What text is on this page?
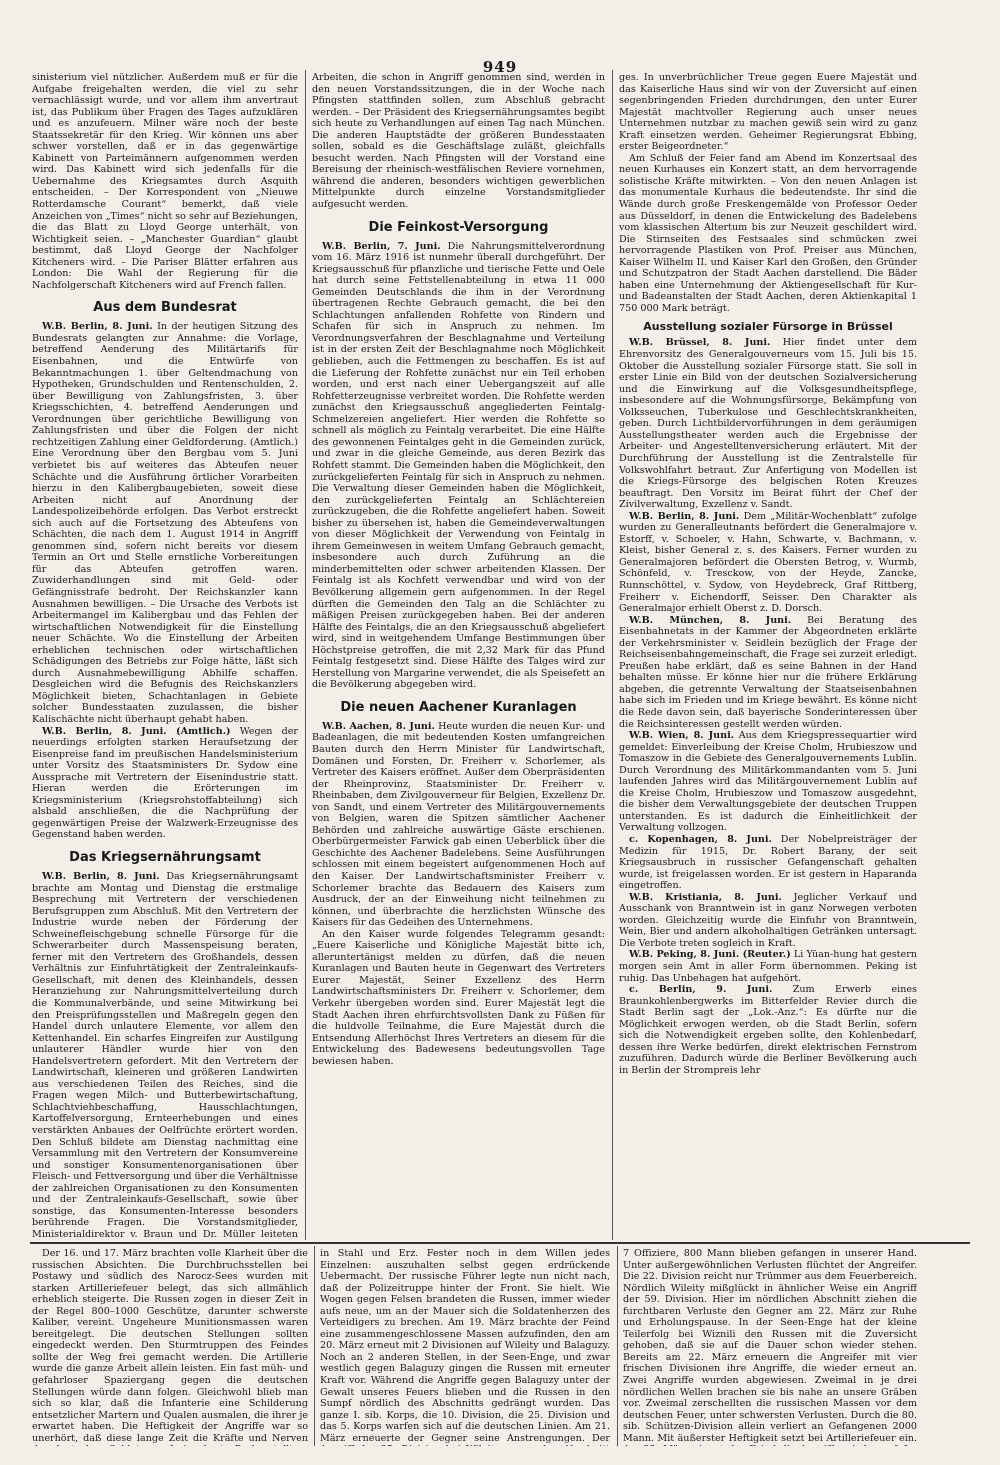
949

sinisterium viel nützlicher. Außerdem muß er für die Aufgabe freigehalten werden, die viel zu sehr vernachlässigt wurde, und vor allem ihm anvertraut ist, das Publikum über Fragen des Tages aufzuklären und es anzufeuern. Milner wäre noch der beste Staatssekretär für den Krieg. Wir können uns aber schwer vorstellen, daß er in das gegenwärtige Kabinett von Parteimännern aufgenommen werden wird. Das Kabinett wird sich jedenfalls für die Uebernahme des Kriegsamtes durch Asquith entscheiden. – Der Korrespondent von „Nieuwe Rotterdamsche Courant“ bemerkt, daß viele Anzeichen von „Times“ nicht so sehr auf Beziehungen, die das Blatt zu Lloyd George unterhält, von Wichtigkeit seien. – „Manchester Guardian“ glaubt bestimmt, daß Lloyd George der Nachfolger Kitcheners wird. – Die Pariser Blätter erfahren aus London: Die Wahl der Regierung für die Nachfolgerschaft Kitcheners wird auf French fallen.

Aus dem Bundesrat

W.B. Berlin, 8. Juni. In der heutigen Sitzung des Bundesrats gelangten zur Annahme: die Vorlage, betreffend Aenderung des Militärtarifs für Eisenbahnen, und die Entwürfe von Bekanntmachungen 1. über Geltendmachung von Hypotheken, Grundschulden und Rentenschulden, 2. über Bewilligung von Zahlungsfristen, 3. über Kriegsschichten, 4. betreffend Aenderungen und Verordnungen über gerichtliche Bewilligung von Zahlungsfristen und über die Folgen der nicht rechtzeitigen Zahlung einer Geldforderung. (Amtlich.) Eine Verordnung über den Bergbau vom 5. Juni verbietet bis auf weiteres das Abteufen neuer Schächte und die Ausführung örtlicher Vorarbeiten hierzu in den Kalibergbaugebieten, soweit diese Arbeiten nicht auf Anordnung der Landespolizeibehörde erfolgen. Das Verbot erstreckt sich auch auf die Fortsetzung des Abteufens von Schächten, die nach dem 1. August 1914 in Angriff genommen sind, sofern nicht bereits vor diesem Termin an Ort und Stelle ernstliche Vorbereitungen für das Abteufen getroffen waren. Zuwiderhandlungen sind mit Geld- oder Gefängnisstrafe bedroht. Der Reichskanzler kann Ausnahmen bewilligen. – Die Ursache des Verbots ist Arbeitermangel im Kalibergbau und das Fehlen der wirtschaftlichen Notwendigkeit für die Einstellung neuer Schächte. Wo die Einstellung der Arbeiten erheblichen technischen oder wirtschaftlichen Schädigungen des Betriebs zur Folge hätte, läßt sich durch Ausnahmebewilligung Abhilfe schaffen. Desgleichen wird die Befugnis des Reichskanzlers Möglichkeit bieten, Schachtanlagen in Gebiete solcher Bundesstaaten zuzulassen, die bisher Kalischächte nicht überhaupt gehabt haben.

W.B. Berlin, 8. Juni. (Amtlich.) Wegen der neuerdings erfolgten starken Heraufsetzung der Eisenpreise fand im preußischen Handelsministerium unter Vorsitz des Staatsministers Dr. Sydow eine Aussprache mit Vertretern der Eisenindustrie statt. Hieran werden die Erörterungen im Kriegsministerium (Kriegsrohstoffabteilung) sich alsbald anschließen, die die Nachprüfung der gegenwärtigen Preise der Walzwerk-Erzeugnisse des Gegenstand haben werden.

Das Kriegsernährungsamt

W.B. Berlin, 8. Juni. Das Kriegsernährungsamt brachte am Montag und Dienstag die erstmalige Besprechung mit Vertretern der verschiedenen Berufsgruppen zum Abschluß. Mit den Vertretern der Industrie wurde neben der Förderung der Schweinefleischgebung schnelle Fürsorge für die Schwerarbeiter durch Massenspeisung beraten, ferner mit den Vertretern des Großhandels, dessen Verhältnis zur Einfuhrtätigkeit der Zentraleinkaufs-Gesellschaft, mit denen des Kleinhandels, dessen Heranziehung zur Nahrungsmittelverteilung durch die Kommunalverbände, und seine Mitwirkung bei den Preisprüfungsstellen und Maßregeln gegen den Handel durch unlautere Elemente, vor allem den Kettenhandel. Ein scharfes Eingreifen zur Austilgung unlauterer Händler wurde hier von den Handelsvertretern gefordert. Mit den Vertretern der Landwirtschaft, kleineren und größeren Landwirten aus verschiedenen Teilen des Reiches, sind die Fragen wegen Milch- und Butterbewirtschaftung, Schlachtviehbeschaffung, Hausschlachtungen, Kartoffelversorgung, Ernteerhebungen und eines verstärkten Anbaues der Oelfrüchte erörtert worden. Den Schluß bildete am Dienstag nachmittag eine Versammlung mit den Vertretern der Konsumvereine und sonstiger Konsumentenorganisationen über Fleisch- und Fettversorgung und über die Verhältnisse der zahlreichen Organisationen zu den Konsumenten und der Zentraleinkaufs-Gesellschaft, sowie über sonstige, das Konsumenten-Interesse besonders berührende Fragen. Die Vorstandsmitglieder, Ministerialdirektor v. Braun und Dr. Müller leiteten

Arbeiten, die schon in Angriff genommen sind, werden in den neuen Vorstandssitzungen, die in der Woche nach Pfingsten stattfinden sollen, zum Abschluß gebracht werden. – Der Präsident des Kriegsernährungsamtes begibt sich heute zu Verhandlungen auf einen Tag nach München. Die anderen Hauptstädte der größeren Bundesstaaten sollen, sobald es die Geschäftslage zuläßt, gleichfalls besucht werden. Nach Pfingsten will der Vorstand eine Bereisung der rheinisch-westfälischen Reviere vornehmen, während die anderen, besonders wichtigen gewerblichen Mittelpunkte durch einzelne Vorstandsmitglieder aufgesucht werden.

Die Feinkost-Versorgung

W.B. Berlin, 7. Juni. Die Nahrungsmittelverordnung vom 16. März 1916 ist nunmehr überall durchgeführt. Der Kriegsausschuß für pflanzliche und tierische Fette und Oele hat durch seine Fettstellenabteilung in etwa 11 000 Gemeinden Deutschlands die ihm in der Verordnung übertragenen Rechte Gebrauch gemacht, die bei den Schlachtungen anfallenden Rohfette von Rindern und Schafen für sich in Anspruch zu nehmen. Im Verordnungsverfahren der Beschlagnahme und Verteilung ist in der ersten Zeit der Beschlagnahme noch Möglichkeit geblieben, auch die Fettmengen zu beschaffen. Es ist auf die Lieferung der Rohfette zunächst nur ein Teil erhoben worden, und erst nach einer Uebergangszeit auf alle Rohfetterzeugnisse verbreitet worden. Die Rohfette werden zunächst den Kriegsausschuß angegliederten Feintalg-Schmelzereien angeliefert. Hier werden die Rohfette so schnell als möglich zu Feintalg verarbeitet. Die eine Hälfte des gewonnenen Feintalges geht in die Gemeinden zurück, und zwar in die gleiche Gemeinde, aus deren Bezirk das Rohfett stammt. Die Gemeinden haben die Möglichkeit, den zurückgelieferten Feintalg für sich in Anspruch zu nehmen. Die Verwaltung dieser Gemeinden haben die Möglichkeit, den zurückgelieferten Feintalg an Schlächtereien zurückzugeben, die die Rohfette angeliefert haben. Soweit bisher zu übersehen ist, haben die Gemeindeverwaltungen von dieser Möglichkeit der Verwendung von Feintalg in ihrem Gemeinwesen in weitem Umfang Gebrauch gemacht, insbesondere auch durch Zuführung an die minderbemittelten oder schwer arbeitenden Klassen. Der Feintalg ist als Kochfett verwendbar und wird von der Bevölkerung allgemein gern aufgenommen. In der Regel dürften die Gemeinden den Talg an die Schlächter zu mäßigen Preisen zurückgegeben haben. Bei der anderen Hälfte des Feintalgs, die an den Kriegsausschuß abgeliefert wird, sind in weitgehendem Umfange Bestimmungen über Höchstpreise getroffen, die mit 2,32 Mark für das Pfund Feintalg festgesetzt sind. Diese Hälfte des Talges wird zur Herstellung von Margarine verwendet, die als Speisefett an die Bevölkerung abgegeben wird.

Die neuen Aachener Kuranlagen

W.B. Aachen, 8. Juni. Heute wurden die neuen Kur- und Badeanlagen, die mit bedeutenden Kosten umfangreichen Bauten durch den Herrn Minister für Landwirtschaft, Domänen und Forsten, Dr. Freiherr v. Schorlemer, als Vertreter des Kaisers eröffnet. Außer dem Oberpräsidenten der Rheinprovinz, Staatsminister Dr. Freiherr v. Rheinbaben, dem Zivilgouverneur für Belgien, Exzellenz Dr. von Sandt, und einem Vertreter des Militärgouvernements von Belgien, waren die Spitzen sämtlicher Aachener Behörden und zahlreiche auswärtige Gäste erschienen. Oberbürgermeister Farwick gab einen Ueberblick über die Geschichte des Aachener Badelebens. Seine Ausführungen schlossen mit einem begeistert aufgenommenen Hoch auf den Kaiser. Der Landwirtschaftsminister Freiherr v. Schorlemer brachte das Bedauern des Kaisers zum Ausdruck, der an der Einweihung nicht teilnehmen zu können, und überbrachte die herzlichsten Wünsche des Kaisers für das Gedeihen des Unternehmens.

An den Kaiser wurde folgendes Telegramm gesandt: „Euere Kaiserliche und Königliche Majestät bitte ich, alleruntertänigst melden zu dürfen, daß die neuen Kuranlagen und Bauten heute in Gegenwart des Vertreters Eurer Majestät, Seiner Exzellenz des Herrn Landwirtschaftsministers Dr. Freiherr v. Schorlemer, dem Verkehr übergeben worden sind. Eurer Majestät legt die Stadt Aachen ihren ehrfurchtsvollsten Dank zu Füßen für die huldvolle Teilnahme, die Eure Majestät durch die Entsendung Allerhöchst Ihres Vertreters an diesem für die Entwickelung des Badewesens bedeutungsvollen Tage bewiesen haben.

ges. In unverbrüchlicher Treue gegen Euere Majestät und das Kaiserliche Haus sind wir von der Zuversicht auf einen segenbringenden Frieden durchdrungen, den unter Eurer Majestät machtvoller Regierung auch unser neues Unternehmen nutzbar zu machen gewiß sein wird zu ganz Kraft einsetzen werden. Geheimer Regierungsrat Ebbing, erster Beigeordneter.“

Am Schluß der Feier fand am Abend im Konzertsaal des neuen Kurhauses ein Konzert statt, an dem hervorragende solistische Kräfte mitwirkten. – Von den neuen Anlagen ist das monumentale Kurhaus die bedeutendste. Ihr sind die Wände durch große Freskengemälde von Professor Oeder aus Düsseldorf, in denen die Entwickelung des Badelebens vom klassischen Altertum bis zur Neuzeit geschildert wird. Die Stirnseiten des Festsaales sind schmücken zwei hervorragende Plastiken von Prof. Preiser aus München, Kaiser Wilhelm II. und Kaiser Karl den Großen, den Gründer und Schutzpatron der Stadt Aachen darstellend. Die Bäder haben eine Unternehmung der Aktiengesellschaft für Kur- und Badeanstalten der Stadt Aachen, deren Aktienkapital 1 750 000 Mark beträgt.

Ausstellung sozialer Fürsorge in Brüssel

W.B. Brüssel, 8. Juni. Hier findet unter dem Ehrenvorsitz des Generalgouverneurs vom 15. Juli bis 15. Oktober die Ausstellung sozialer Fürsorge statt. Sie soll in erster Linie ein Bild von der deutschen Sozialversicherung und die Einwirkung auf die Volksgesundheitspflege, insbesondere auf die Wohnungsfürsorge, Bekämpfung von Volksseuchen, Tuberkulose und Geschlechtskrankheiten, geben. Durch Lichtbildervorführungen in dem geräumigen Ausstellungstheater werden auch die Ergebnisse der Arbeiter- und Angestelltenversicherung erläutert. Mit der Durchführung der Ausstellung ist die Zentralstelle für Volkswohlfahrt betraut. Zur Anfertigung von Modellen ist die Kriegs-Fürsorge des belgischen Roten Kreuzes beauftragt. Den Vorsitz im Beirat führt der Chef der Zivilverwaltung, Exzellenz v. Sandt.

W.B. Berlin, 8. Juni. Dem „Militär-Wochenblatt“ zufolge wurden zu Generalleutnants befördert die Generalmajore v. Estorff, v. Schoeler, v. Hahn, Schwarte, v. Bachmann, v. Kleist, bisher General z. s. des Kaisers. Ferner wurden zu Generalmajoren befördert die Obersten Betrog, v. Wurmb, Schönfeld, v. Tresckow, von der Heyde, Zancke, Runnschöttel, v. Sydow, von Heydebreck, Graf Rittberg, Freiherr v. Eichendorff, Seisser. Den Charakter als Generalmajor erhielt Oberst z. D. Dorsch.

W.B. München, 8. Juni. Bei Beratung des Eisenbahnetats in der Kammer der Abgeordneten erklärte der Verkehrsminister v. Seidlein bezüglich der Frage der Reichseisenbahngemeinschaft, die Frage sei zurzeit erledigt. Preußen habe erklärt, daß es seine Bahnen in der Hand behalten müsse. Er könne hier nur die frühere Erklärung abgeben, die getrennte Verwaltung der Staatseisenbahnen habe sich im Frieden und im Kriege bewährt. Es könne nicht die Rede davon sein, daß bayerische Sonderinteressen über die Reichsinteressen gestellt werden würden.

W.B. Wien, 8. Juni. Aus dem Kriegspressequartier wird gemeldet: Einverleibung der Kreise Cholm, Hrubieszow und Tomaszow in die Gebiete des Generalgouvernements Lublin. Durch Verordnung des Militärkommandanten vom 5. Juni laufenden Jahres wird das Militärgouvernement Lublin auf die Kreise Cholm, Hrubieszow und Tomaszow ausgedehnt, die bisher dem Verwaltungsgebiete der deutschen Truppen unterstanden. Es ist dadurch die Einheitlichkeit der Verwaltung vollzogen.

c. Kopenhagen, 8. Juni. Der Nobelpreisträger der Medizin für 1915, Dr. Robert Barany, der seit Kriegsausbruch in russischer Gefangenschaft gehalten wurde, ist freigelassen worden. Er ist gestern in Haparanda eingetroffen.

W.B. Kristiania, 8. Juni. Jeglicher Verkauf und Ausschank von Branntwein ist in ganz Norwegen verboten worden. Gleichzeitig wurde die Einfuhr von Branntwein, Wein, Bier und andern alkoholhaltigen Getränken untersagt. Die Verbote treten sogleich in Kraft.

W.B. Peking, 8. Juni. (Reuter.) Li Yüan-hung hat gestern morgen sein Amt in aller Form übernommen. Peking ist ruhig. Das Unbehagen hat aufgehört.

c. Berlin, 9. Juni. Zum Erwerb eines Braunkohlenbergwerks im Bitterfelder Revier durch die Stadt Berlin sagt der „Lok.-Anz.“: Es dürfte nur die Möglichkeit erwogen werden, ob die Stadt Berlin, sofern sich die Notwendigkeit ergeben sollte, den Kohlenbedarf, dessen ihre Werke bedürfen, direkt elektrischen Fernstrom zuzuführen. Dadurch würde die Berliner Bevölkerung auch in Berlin der Strompreis lehr

Der 16. und 17. März brachten volle Klarheit über die russischen Absichten. Die Durchbruchsstellen bei Postawy und südlich des Narocz-Sees wurden mit starken Artilleriefeuer belegt, das sich allmählich erheblich steigerte. Die Russen zogen in dieser Zeit in der Regel 800–1000 Geschütze, darunter schwerste Kaliber, vereint. Ungeheure Munitionsmassen waren bereitgelegt. Die deutschen Stellungen sollten eingedeckt werden. Den Sturmtruppen des Feindes sollte der Weg frei gemacht werden. Die Artillerie wurde die ganze Arbeit allein leisten. Ein fast müh- und gefahrloser Spaziergang gegen die deutschen Stellungen würde dann folgen. Gleichwohl blieb man sich so klar, daß die Infanterie eine Schilderung entsetzlicher Martern und Qualen ausmalen, die ihrer je erwartet haben. Die Heftigkeit der Angriffe war so unerhört, daß diese lange Zeit die Kräfte und Nerven

in Stahl und Erz. Fester noch in dem Willen jedes Einzelnen: auszuhalten selbst gegen erdrückende Uebermacht. Der russische Führer legte nun nicht nach, daß der Polizeitruppe hinter der Front. Sie hielt. Wie Wogen gegen Felsen brandeten die Russen, immer wieder aufs neue, um an der Mauer sich die Soldatenherzen des Verteidigers zu brechen. Am 19. März brachte der Feind eine zusammengeschlossene Massen aufzufinden, den am 20. März erneut mit 2 Divisionen auf Wileity und Balaguzy. Noch an 2 anderen Stellen, in der Seen-Enge, und zwar westlich gegen Balaguzy gingen die Russen mit erneuter Kraft vor. Während die Angriffe gegen Balaguzy unter der Gewalt unseres Feuers blieben und die Russen in den Sumpf nördlich des Abschnitts gedrängt wurden. Das ganze I. sib. Korps, die 10. Division, die 25. Division und das 5. Korps warfen sich auf die deutschen Linien. Am 21. März erneuerte der Gegner seine Anstrengungen. Der

7 Offiziere, 800 Mann blieben gefangen in unserer Hand. Unter außergewöhnlichen Verlusten flüchtet der Angreifer. Die 22. Division reicht nur Trümmer aus dem Feuerbereich. Nördlich Wileity mißglückt in ähnlicher Weise ein Angriff der 59. Division. Hier im nördlichen Abschnitt ziehen die furchtbaren Verluste den Gegner am 22. März zur Ruhe und Erholungspause. In der Seen-Enge hat der kleine Teilerfolg bei Wiznili den Russen mit die Zuversicht gehoben, daß sie auf die Dauer schon wieder stehen. Bereits am 22. März erneuern die Angreifer mit vier frischen Divisionen ihre Angriffe, die wieder erneut an. Zwei Angriffe wurden abgewiesen. Zweimal in je drei nördlichen Wellen brachen sie bis nahe an unsere Gräben vor. Zweimal zerschellten die russischen Massen vor dem deutschen Feuer, unter schwersten Verlusten. Durch die 80. sib. Schützen-Division allein verliert an Gefangenen 2000 Mann. Mit äußerster Heftigkeit setzt bei Artilleriefeuer ein.
